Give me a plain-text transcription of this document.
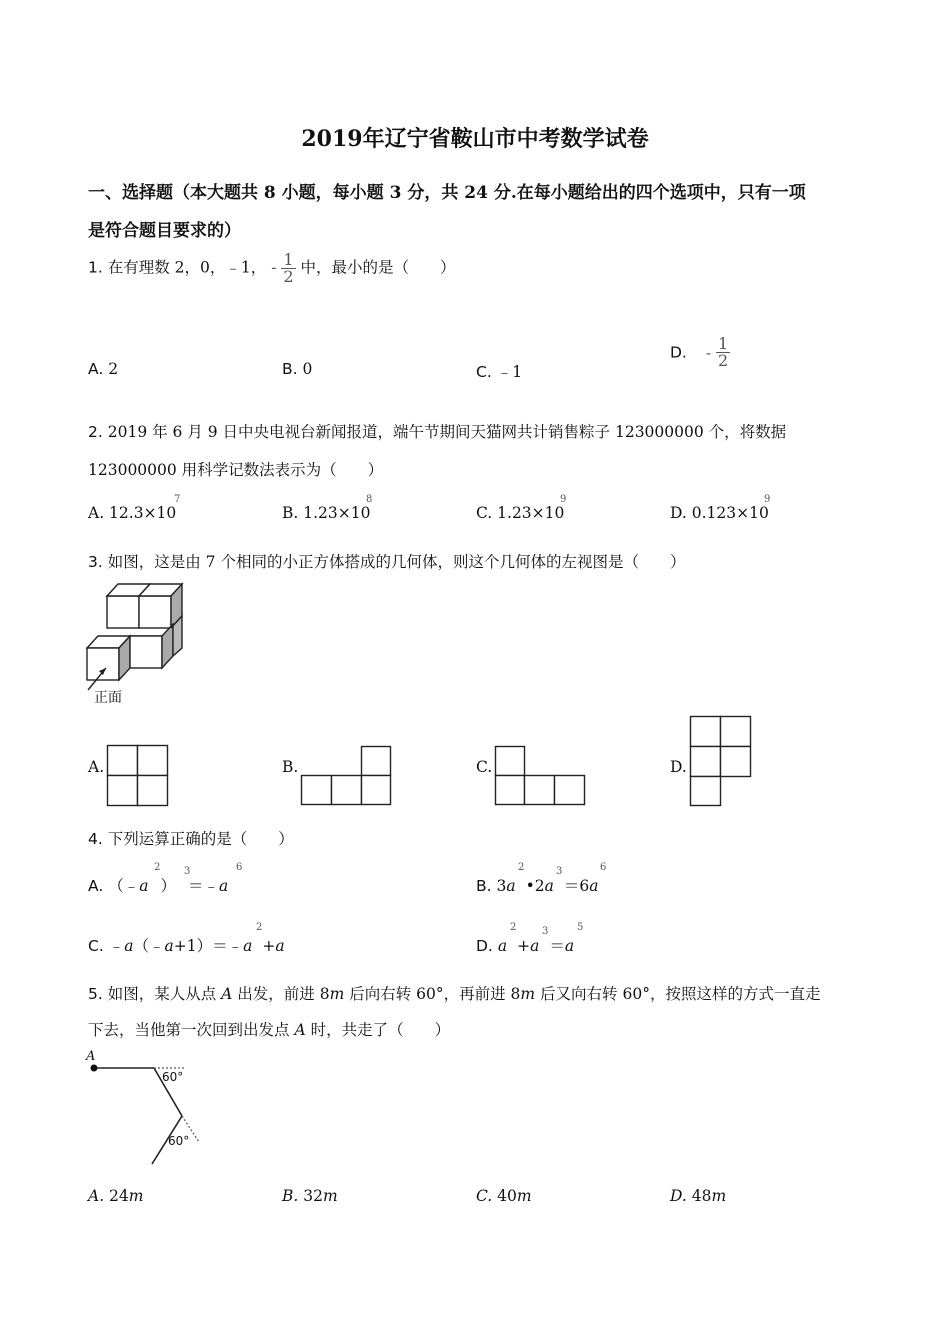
2019年辽宁省鞍山市中考数学试卷
一、选择题（本大题共 8 小题，每小题 3 分，共 24 分.在每小题给出的四个选项中，只有一项
是符合题目要求的）
1. 在有理数 2，0，﹣1， - $\frac{1}{2}$ 中，最小的是（　　）
A. 2	B. 0	C. ﹣1
D. - $\frac{1}{2}$
2. 2019 年 6 月 9 日中央电视台新闻报道，端午节期间天猫网共计销售粽子 123000000 个，将数据
123000000 用科学记数法表示为（　　）
A. 12.3×10
7
B. 1.23×10
8
C. 1.23×10
9
D. 0.123×10
9
3. 如图，这是由 7 个相同的小正方体搭成的几何体，则这个几何体的左视图是（　　）
正面
A.	B.	C.	D.
4. 下列运算正确的是（　　）
A. （﹣a
2
）
3
＝﹣a
6
B. 3a
2
•2a
3
＝6a
6
C. ﹣a（﹣a+1）＝﹣a
2
+a	D. a
2
+a
3
＝a
5
5. 如图，某人从点 A 出发，前进 8m 后向右转 60°，再前进 8m 后又向右转 60°，按照这样的方式一直走
下去，当他第一次回到出发点 A 时，共走了（　　）
A
60°
60°
A. 24m	B. 32m	C. 40m	D. 48m
